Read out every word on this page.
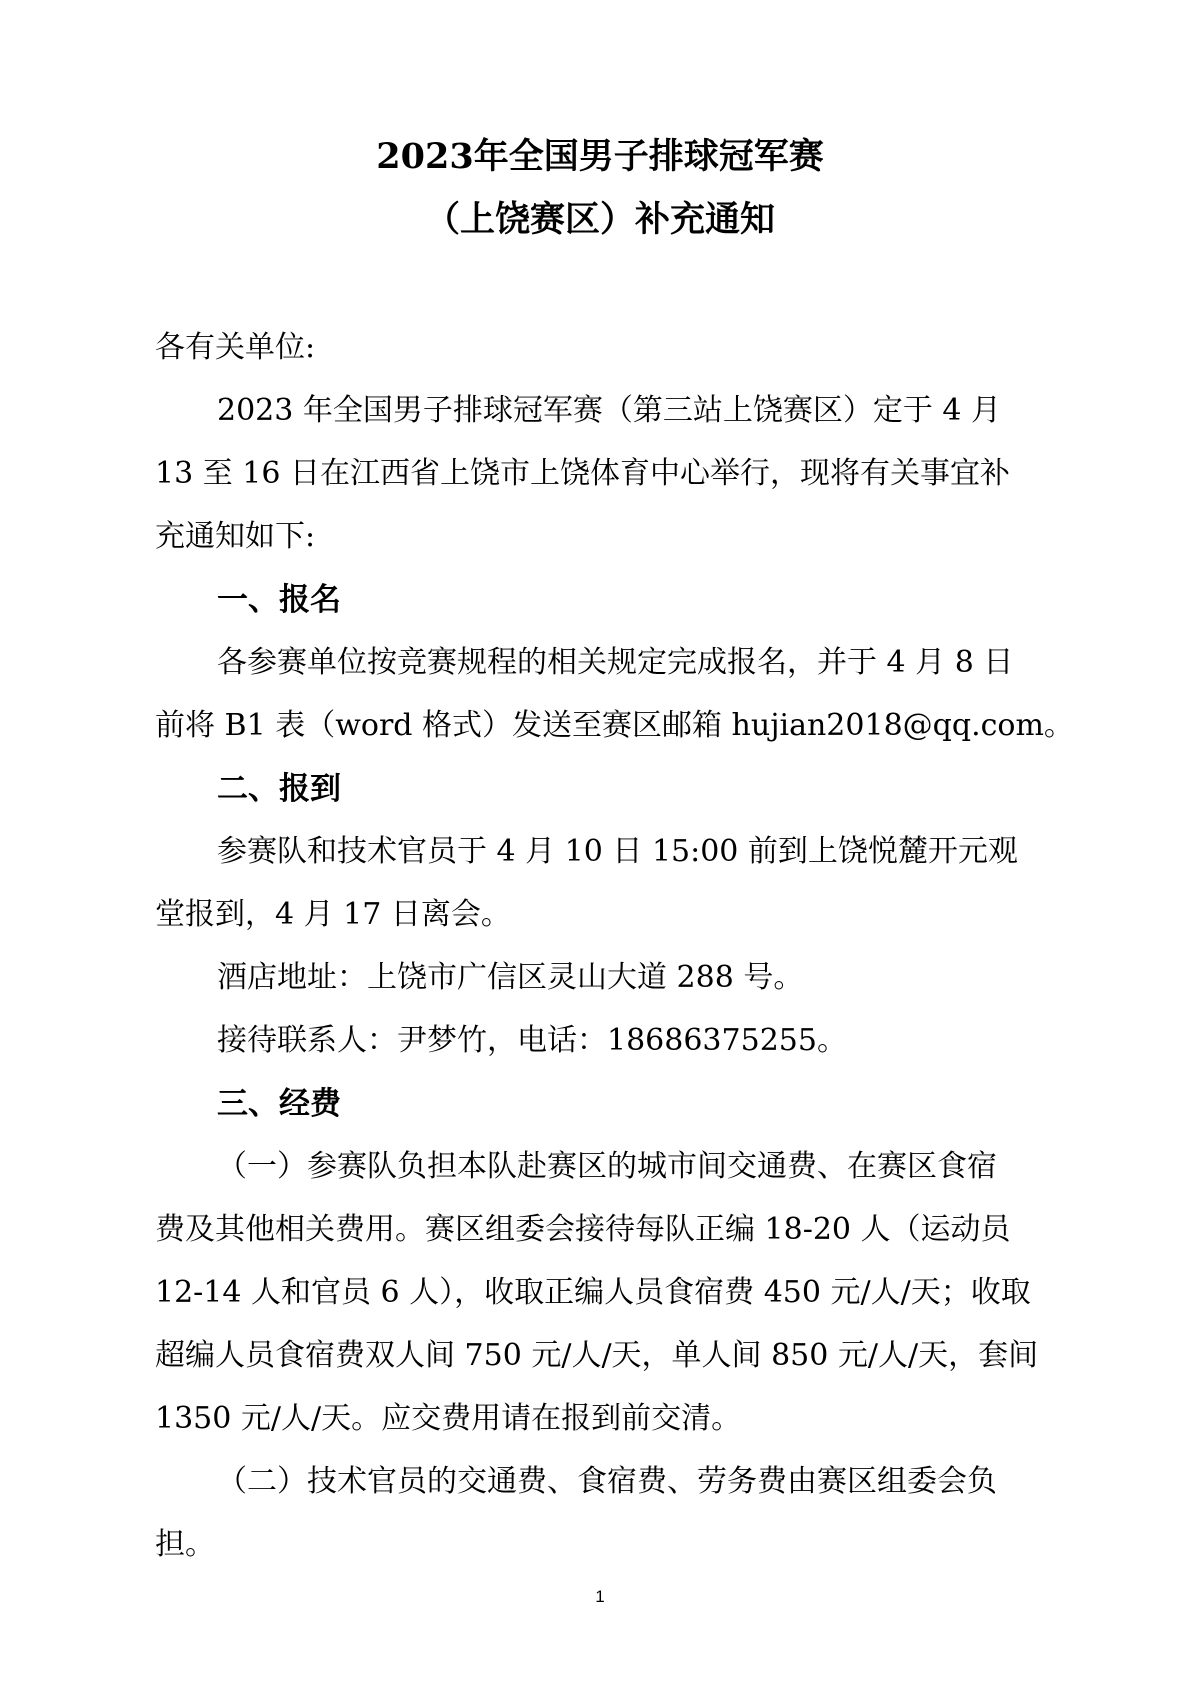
2023年全国男子排球冠军赛
（上饶赛区）补充通知

各有关单位:

2023 年全国男子排球冠军赛（第三站上饶赛区）定于 4 月

13 至 16 日在江西省上饶市上饶体育中心举行，现将有关事宜补

充通知如下:

一、报名

各参赛单位按竞赛规程的相关规定完成报名，并于 4 月 8 日

前将 B1 表（word 格式）发送至赛区邮箱 hujian2018@qq.com。

二、报到

参赛队和技术官员于 4 月 10 日 15:00 前到上饶悦麓开元观

堂报到，4 月 17 日离会。

酒店地址：上饶市广信区灵山大道 288 号。

接待联系人：尹梦竹，电话：18686375255。

三、经费

（一）参赛队负担本队赴赛区的城市间交通费、在赛区食宿

费及其他相关费用。赛区组委会接待每队正编 18-20 人（运动员

12-14 人和官员 6 人），收取正编人员食宿费 450 元/人/天；收取

超编人员食宿费双人间 750 元/人/天，单人间 850 元/人/天，套间

1350 元/人/天。应交费用请在报到前交清。

（二）技术官员的交通费、食宿费、劳务费由赛区组委会负

担。

1
